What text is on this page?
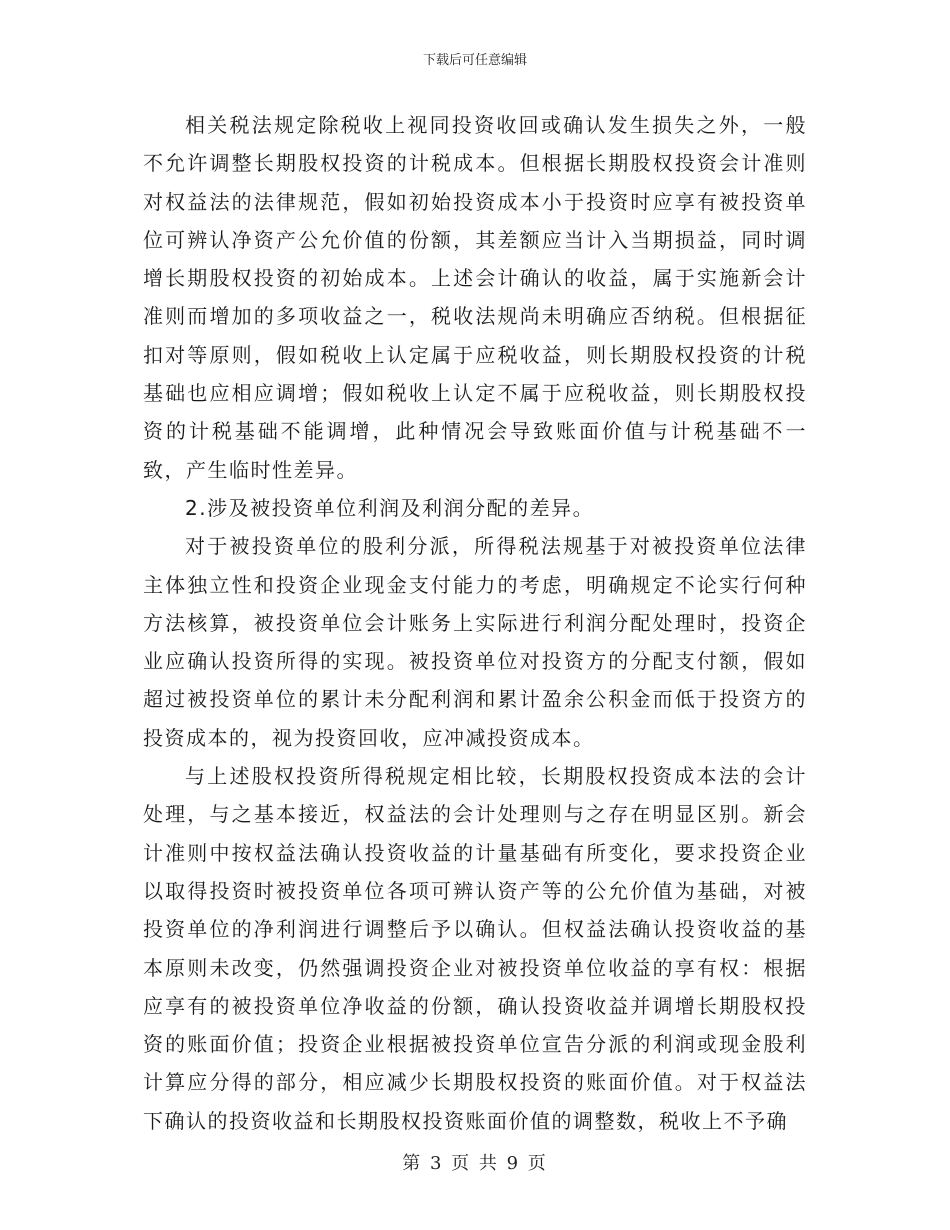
下载后可任意编辑

相关税法规定除税收上视同投资收回或确认发生损失之外，一般不允许调整长期股权投资的计税成本。但根据长期股权投资会计准则对权益法的法律规范，假如初始投资成本小于投资时应享有被投资单位可辨认净资产公允价值的份额，其差额应当计入当期损益，同时调增长期股权投资的初始成本。上述会计确认的收益，属于实施新会计准则而增加的多项收益之一，税收法规尚未明确应否纳税。但根据征扣对等原则，假如税收上认定属于应税收益，则长期股权投资的计税基础也应相应调增；假如税收上认定不属于应税收益，则长期股权投资的计税基础不能调增，此种情况会导致账面价值与计税基础不一致，产生临时性差异。

2.涉及被投资单位利润及利润分配的差异。

对于被投资单位的股利分派，所得税法规基于对被投资单位法律主体独立性和投资企业现金支付能力的考虑，明确规定不论实行何种方法核算，被投资单位会计账务上实际进行利润分配处理时，投资企业应确认投资所得的实现。被投资单位对投资方的分配支付额，假如超过被投资单位的累计未分配利润和累计盈余公积金而低于投资方的投资成本的，视为投资回收，应冲减投资成本。

与上述股权投资所得税规定相比较，长期股权投资成本法的会计处理，与之基本接近，权益法的会计处理则与之存在明显区别。新会计准则中按权益法确认投资收益的计量基础有所变化，要求投资企业以取得投资时被投资单位各项可辨认资产等的公允价值为基础，对被投资单位的净利润进行调整后予以确认。但权益法确认投资收益的基本原则未改变，仍然强调投资企业对被投资单位收益的享有权：根据应享有的被投资单位净收益的份额，确认投资收益并调增长期股权投资的账面价值；投资企业根据被投资单位宣告分派的利润或现金股利计算应分得的部分，相应减少长期股权投资的账面价值。对于权益法下确认的投资收益和长期股权投资账面价值的调整数，税收上不予确

第 3 页 共 9 页
